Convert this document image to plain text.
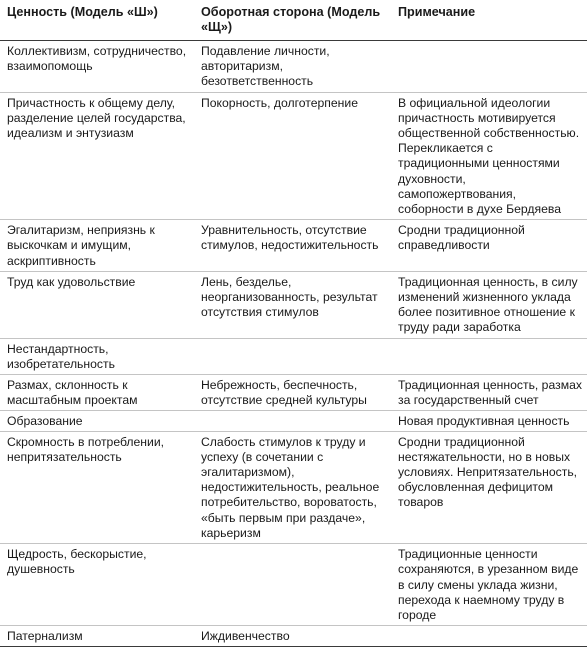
Ценность (Модель «Ш»)	Оборотная сторона (Модель «Щ»)	Примечание
Коллективизм, сотрудничество, взаимопомощь	Подавление личности, авторитаризм, безответственность	
Причастность к общему делу, разделение целей государства, идеализм и энтузиазм	Покорность, долготерпение	В официальной идеологии причастность мотивируется общественной собственностью. Перекликается с традиционными ценностями духовности, самопожертвования, соборности в духе Бердяева
Эгалитаризм, неприязнь к выскочкам и имущим, аскриптивность	Уравнительность, отсутствие стимулов, недостижительность	Сродни традиционной справедливости
Труд как удовольствие	Лень, безделье, неорганизованность, результат отсутствия стимулов	Традиционная ценность, в силу изменений жизненного уклада более позитивное отношение к труду ради заработка
Нестандартность, изобретательность		
Размах, склонность к масштабным проектам	Небрежность, беспечность, отсутствие средней культуры	Традиционная ценность, размах за государственный счет
Образование		Новая продуктивная ценность
Скромность в потреблении, непритязательность	Слабость стимулов к труду и успеху (в сочетании с эгалитаризмом), недостижительность, реальное потребительство, вороватость, «быть первым при раздаче», карьеризм	Сродни традиционной нестяжательности, но в новых условиях. Непритязательность, обусловленная дефицитом товаров
Щедрость, бескорыстие, душевность		Традиционные ценности сохраняются, в урезанном виде в силу смены уклада жизни, перехода к наемному труду в городе
Патернализм	Иждивенчество	
